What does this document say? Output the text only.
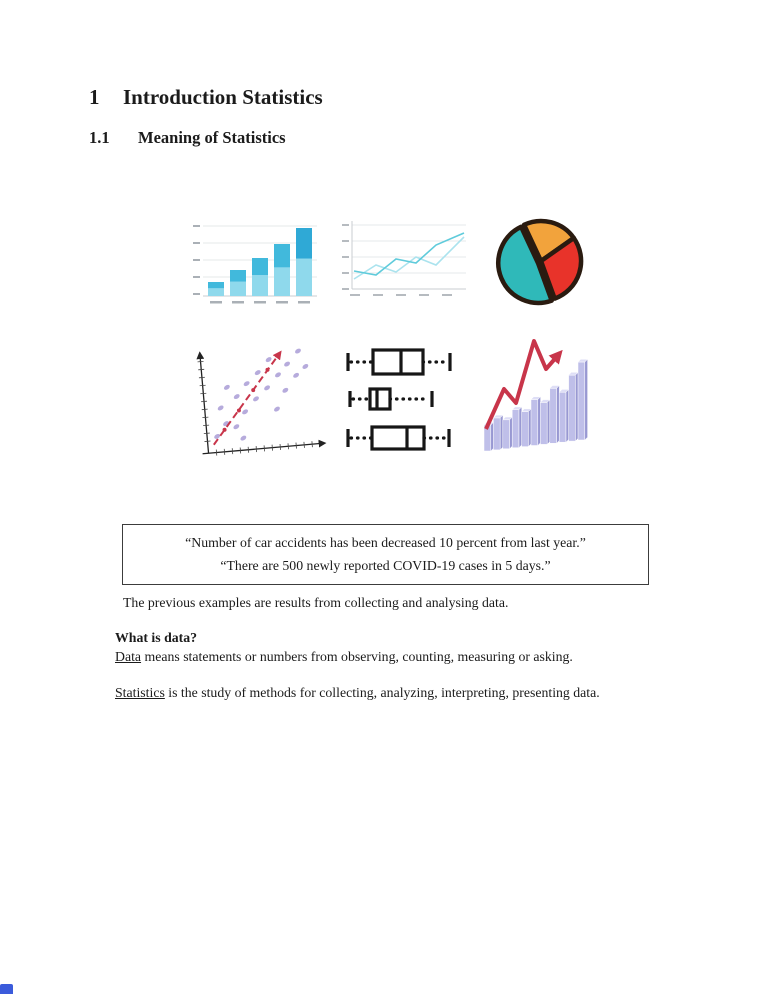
1 Introduction Statistics
1.1 Meaning of Statistics
“Number of car accidents has been decreased 10 percent from last year.”
“There are 500 newly reported COVID-19 cases in 5 days.”
The previous examples are results from collecting and analysing data.
What is data?
Data means statements or numbers from observing, counting, measuring or asking.
Statistics is the study of methods for collecting, analyzing, interpreting, presenting data.
